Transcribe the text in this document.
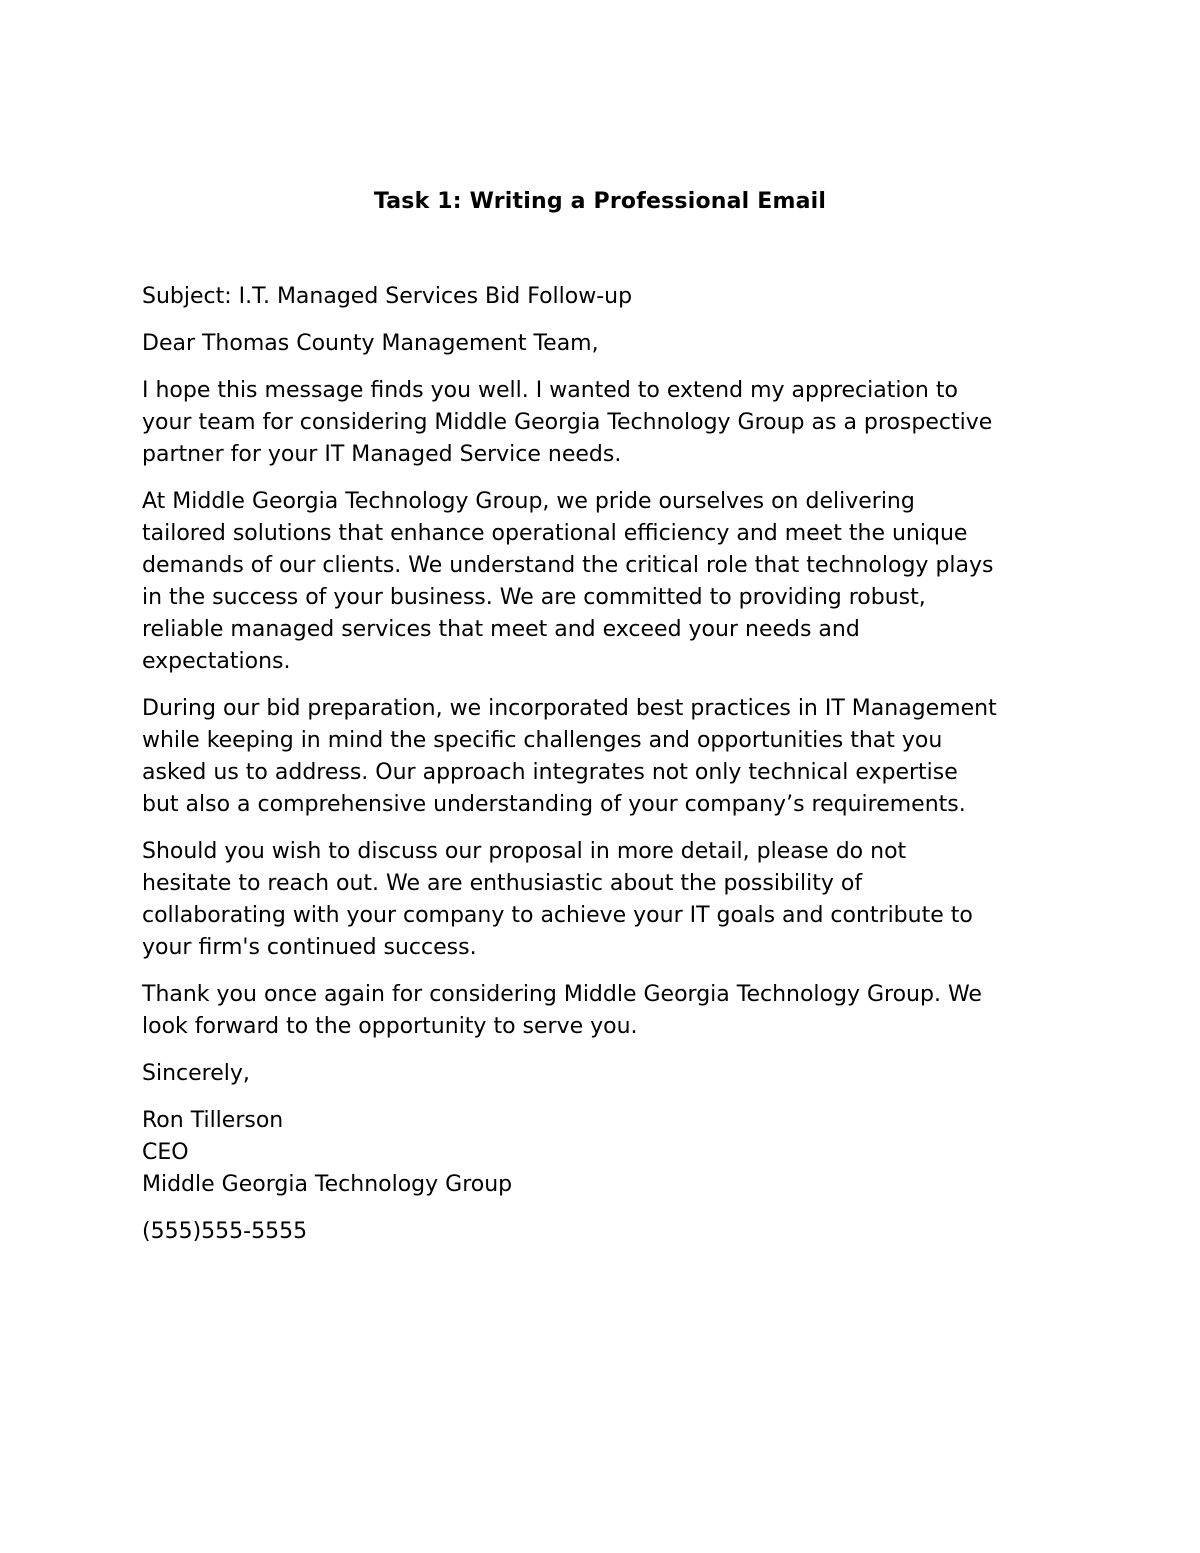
Task 1: Writing a Professional Email

Subject: I.T. Managed Services Bid Follow-up

Dear Thomas County Management Team,

I hope this message finds you well. I wanted to extend my appreciation to
your team for considering Middle Georgia Technology Group as a prospective
partner for your IT Managed Service needs.

At Middle Georgia Technology Group, we pride ourselves on delivering
tailored solutions that enhance operational efficiency and meet the unique
demands of our clients. We understand the critical role that technology plays
in the success of your business. We are committed to providing robust,
reliable managed services that meet and exceed your needs and
expectations.

During our bid preparation, we incorporated best practices in IT Management
while keeping in mind the specific challenges and opportunities that you
asked us to address. Our approach integrates not only technical expertise
but also a comprehensive understanding of your company’s requirements.

Should you wish to discuss our proposal in more detail, please do not
hesitate to reach out. We are enthusiastic about the possibility of
collaborating with your company to achieve your IT goals and contribute to
your firm's continued success.

Thank you once again for considering Middle Georgia Technology Group. We
look forward to the opportunity to serve you.

Sincerely,

Ron Tillerson
CEO
Middle Georgia Technology Group

(555)555-5555
